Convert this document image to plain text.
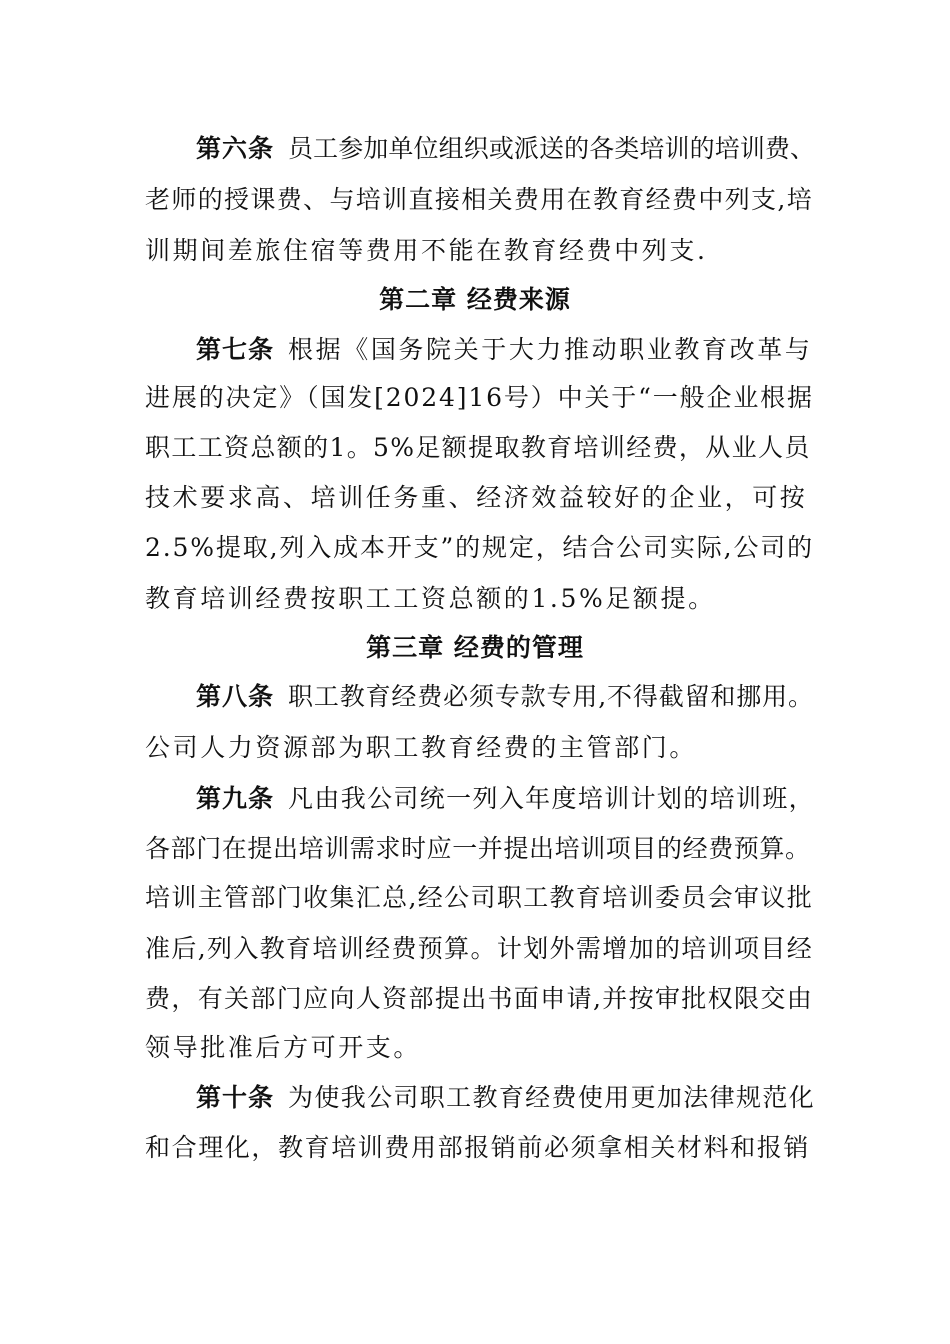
第六条 员工参加单位组织或派送的各类培训的培训费、
老师的授课费、与培训直接相关费用在教育经费中列支,培
训期间差旅住宿等费用不能在教育经费中列支.
第二章 经费来源
第七条 根据《国务院关于大力推动职业教育改革与
进展的决定》（国发[2024]16号）中关于“一般企业根据
职工工资总额的1。5%足额提取教育培训经费，从业人员
技术要求高、培训任务重、经济效益较好的企业，可按
2.5%提取,列入成本开支”的规定，结合公司实际,公司的
教育培训经费按职工工资总额的1.5%足额提。
第三章 经费的管理
第八条 职工教育经费必须专款专用,不得截留和挪用。
公司人力资源部为职工教育经费的主管部门。
第九条 凡由我公司统一列入年度培训计划的培训班，
各部门在提出培训需求时应一并提出培训项目的经费预算。
培训主管部门收集汇总,经公司职工教育培训委员会审议批
准后,列入教育培训经费预算。计划外需增加的培训项目经
费，有关部门应向人资部提出书面申请,并按审批权限交由
领导批准后方可开支。
第十条 为使我公司职工教育经费使用更加法律规范化
和合理化，教育培训费用部报销前必须拿相关材料和报销
